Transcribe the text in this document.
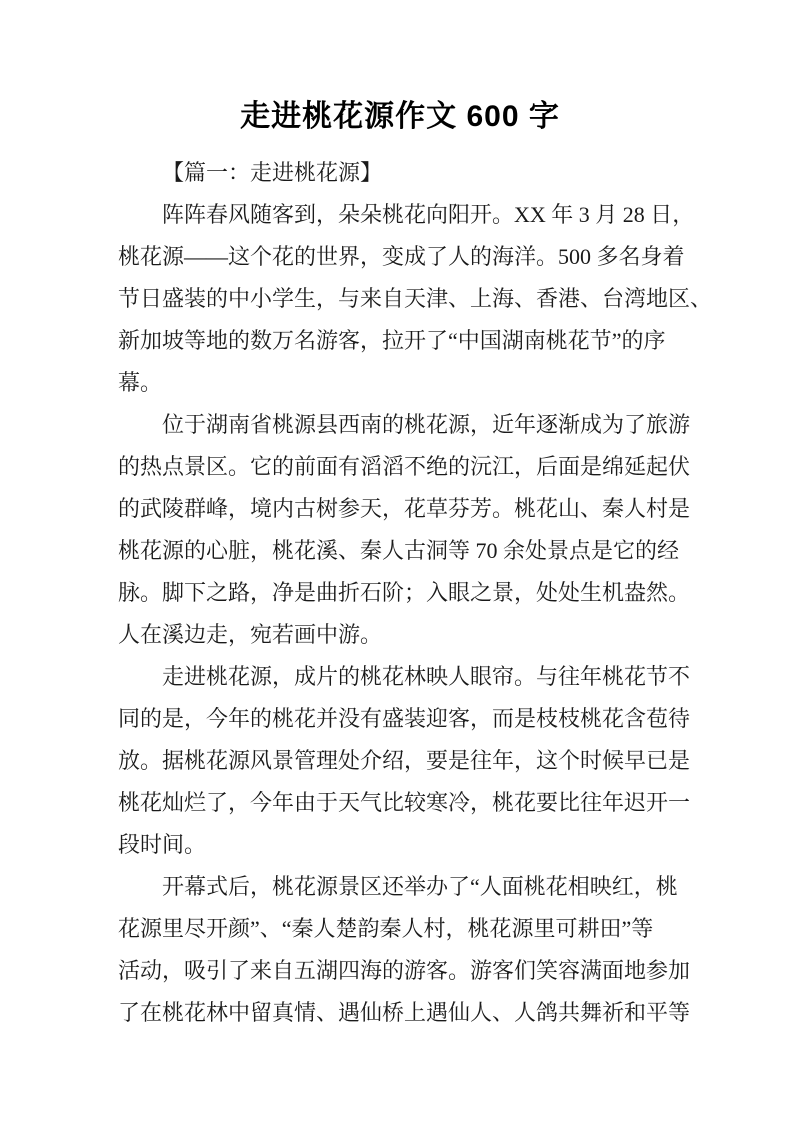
走进桃花源作文 600 字
【篇一：走进桃花源】

阵阵春风随客到，朵朵桃花向阳开。XX 年 3 月 28 日，
桃花源——这个花的世界，变成了人的海洋。500 多名身着
节日盛装的中小学生，与来自天津、上海、香港、台湾地区、
新加坡等地的数万名游客，拉开了“中国湖南桃花节”的序
幕。

位于湖南省桃源县西南的桃花源，近年逐渐成为了旅游
的热点景区。它的前面有滔滔不绝的沅江，后面是绵延起伏
的武陵群峰，境内古树参天，花草芬芳。桃花山、秦人村是
桃花源的心脏，桃花溪、秦人古洞等 70 余处景点是它的经
脉。脚下之路，净是曲折石阶；入眼之景，处处生机盎然。
人在溪边走，宛若画中游。

走进桃花源，成片的桃花林映人眼帘。与往年桃花节不
同的是，今年的桃花并没有盛装迎客，而是枝枝桃花含苞待
放。据桃花源风景管理处介绍，要是往年，这个时候早已是
桃花灿烂了，今年由于天气比较寒冷，桃花要比往年迟开一
段时间。

开幕式后，桃花源景区还举办了“人面桃花相映红，桃
花源里尽开颜”、“秦人楚韵秦人村，桃花源里可耕田”等
活动，吸引了来自五湖四海的游客。游客们笑容满面地参加
了在桃花林中留真情、遇仙桥上遇仙人、人鸽共舞祈和平等
